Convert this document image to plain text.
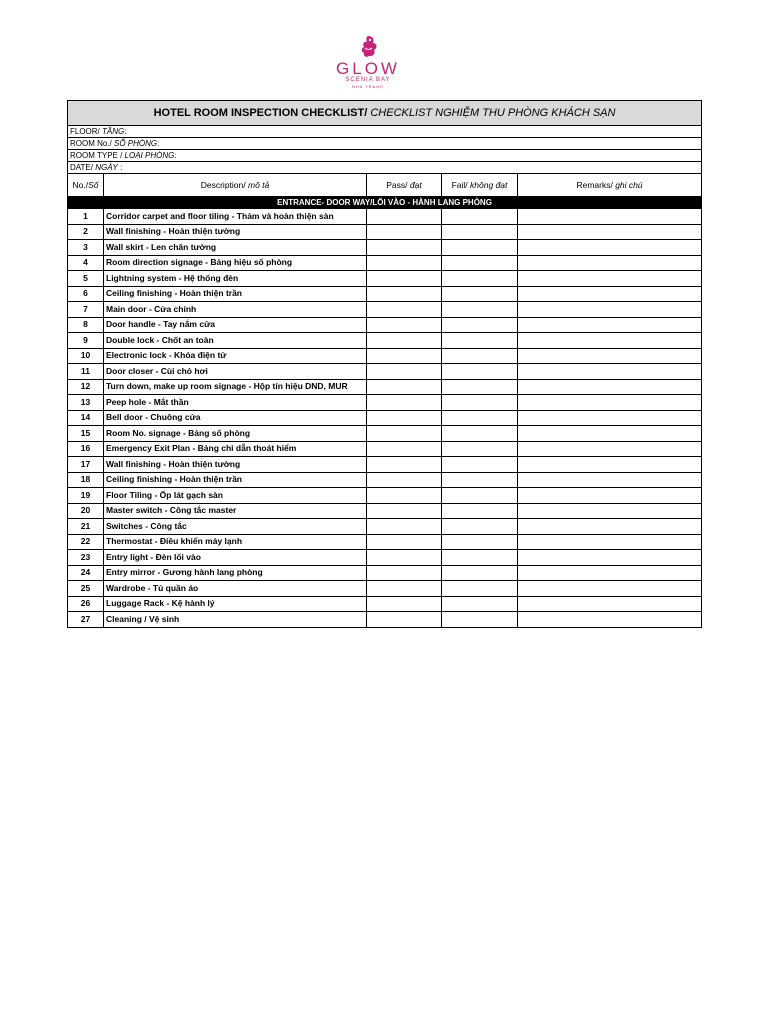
GLOW
SCENIA BAY
NHA TRANG
HOTEL ROOM INSPECTION CHECKLIST/ CHECKLIST NGHIỆM THU PHÒNG KHÁCH SẠN				
FLOOR/ TẦNG:				
ROOM No./ SỐ PHÒNG:				
ROOM TYPE / LOẠI PHÒNG:				
DATE/ NGÀY :				
No./Số	Description/ mô tả	Pass/ đạt	Fail/ không đạt	Remarks/ ghi chú
ENTRANCE- DOOR WAY/LỐI VÀO - HÀNH LANG PHÒNG				
1	Corridor carpet and floor tiling - Thảm và hoàn thiện sàn			
2	Wall finishing - Hoàn thiện tường			
3	Wall skirt - Len chân tường			
4	Room direction signage - Bảng hiệu số phòng			
5	Lightning system - Hệ thống đèn			
6	Ceiling finishing - Hoàn thiện trần			
7	Main door - Cửa chính			
8	Door handle - Tay nắm cửa			
9	Double lock - Chốt an toàn			
10	Electronic lock - Khóa điện tử			
11	Door closer - Cùi chỏ hơi			
12	Turn down, make up room signage - Hộp tín hiệu DND, MUR			
13	Peep hole - Mắt thần			
14	Bell door - Chuông cửa			
15	Room No. signage - Bảng số phòng			
16	Emergency Exit Plan - Bảng chỉ dẫn thoát hiểm			
17	Wall finishing - Hoàn thiện tường			
18	Ceiling finishing - Hoàn thiện trần			
19	Floor Tiling - Ốp lát gạch sàn			
20	Master switch - Công tắc master			
21	Switches - Công tắc			
22	Thermostat - Điều khiển máy lạnh			
23	Entry light - Đèn lối vào			
24	Entry mirror - Gương hành lang phòng			
25	Wardrobe - Tủ quần áo			
26	Luggage Rack - Kệ hành lý			
27	Cleaning / Vệ sinh			
